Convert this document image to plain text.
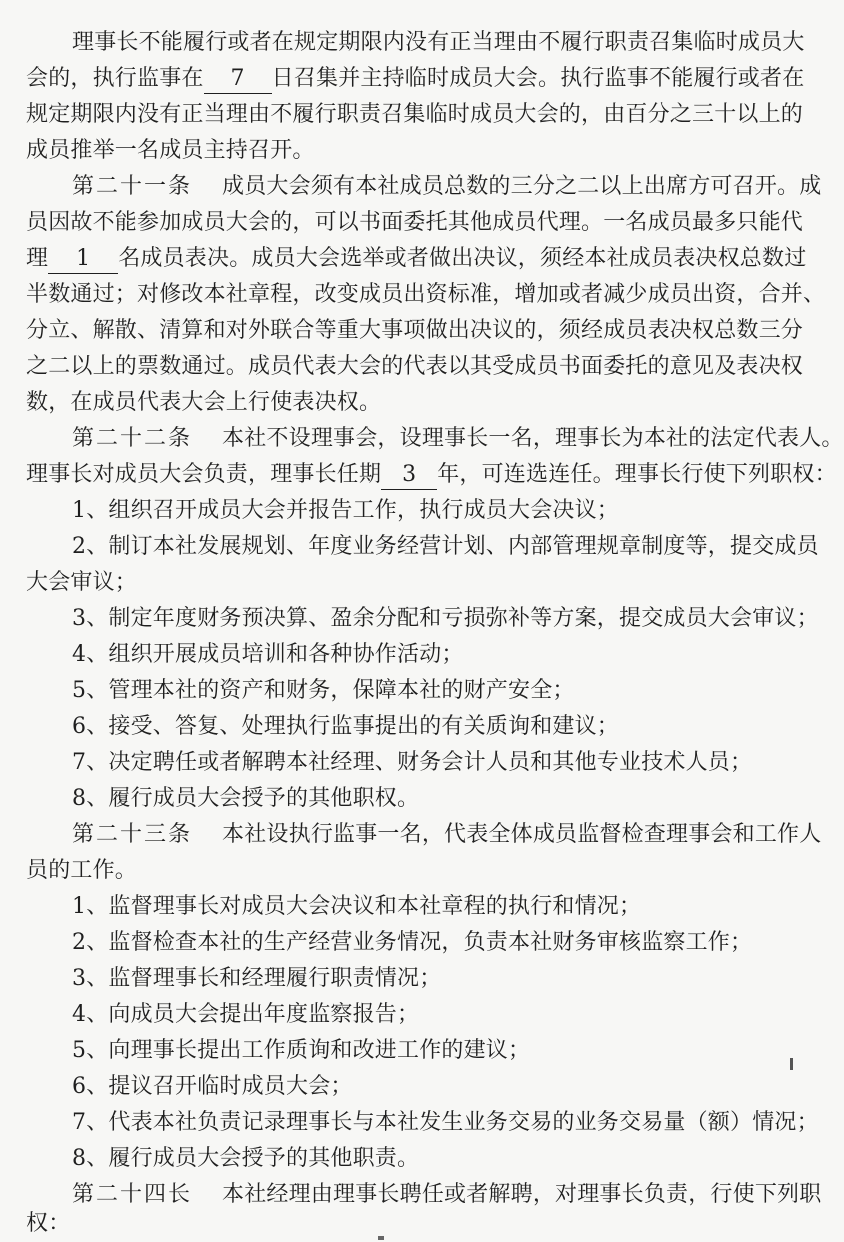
理事长不能履行或者在规定期限内没有正当理由不履行职责召集临时成员大
会的，执行监事在 7 日召集并主持临时成员大会。执行监事不能履行或者在
规定期限内没有正当理由不履行职责召集临时成员大会的，由百分之三十以上的
成员推举一名成员主持召开。
第二十一条 成员大会须有本社成员总数的三分之二以上出席方可召开。成
员因故不能参加成员大会的，可以书面委托其他成员代理。一名成员最多只能代
理 1 名成员表决。成员大会选举或者做出决议，须经本社成员表决权总数过
半数通过；对修改本社章程，改变成员出资标准，增加或者减少成员出资，合并、
分立、解散、清算和对外联合等重大事项做出决议的，须经成员表决权总数三分
之二以上的票数通过。成员代表大会的代表以其受成员书面委托的意见及表决权
数，在成员代表大会上行使表决权。
第二十二条 本社不设理事会，设理事长一名，理事长为本社的法定代表人。
理事长对成员大会负责，理事长任期 3 年，可连选连任。理事长行使下列职权：
1、组织召开成员大会并报告工作，执行成员大会决议；
2、制订本社发展规划、年度业务经营计划、内部管理规章制度等，提交成员
大会审议；
3、制定年度财务预决算、盈余分配和亏损弥补等方案，提交成员大会审议；
4、组织开展成员培训和各种协作活动；
5、管理本社的资产和财务，保障本社的财产安全；
6、接受、答复、处理执行监事提出的有关质询和建议；
7、决定聘任或者解聘本社经理、财务会计人员和其他专业技术人员；
8、履行成员大会授予的其他职权。
第二十三条 本社设执行监事一名，代表全体成员监督检查理事会和工作人
员的工作。
1、监督理事长对成员大会决议和本社章程的执行和情况；
2、监督检查本社的生产经营业务情况，负责本社财务审核监察工作；
3、监督理事长和经理履行职责情况；
4、向成员大会提出年度监察报告；
5、向理事长提出工作质询和改进工作的建议；
6、提议召开临时成员大会；
7、代表本社负责记录理事长与本社发生业务交易的业务交易量（额）情况；
8、履行成员大会授予的其他职责。
第二十四长 本社经理由理事长聘任或者解聘，对理事长负责，行使下列职
权：
